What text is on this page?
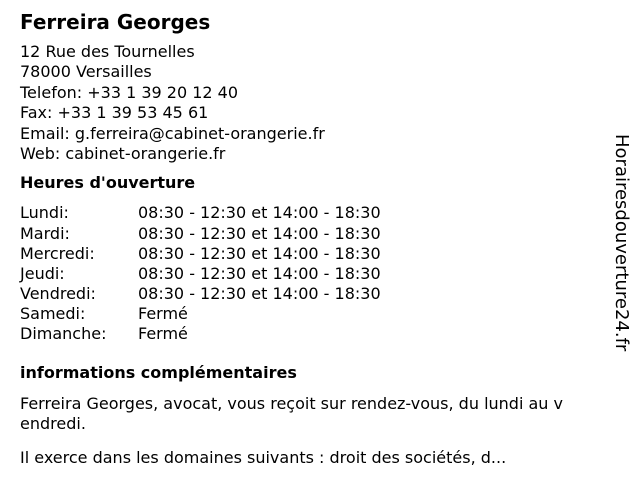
Ferreira Georges
12 Rue des Tournelles
78000 Versailles
Telefon: +33 1 39 20 12 40
Fax: +33 1 39 53 45 61
Email: g.ferreira@cabinet-orangerie.fr
Web: cabinet-orangerie.fr
Heures d'ouverture
Lundi:	08:30 - 12:30 et 14:00 - 18:30
Mardi:	08:30 - 12:30 et 14:00 - 18:30
Mercredi:	08:30 - 12:30 et 14:00 - 18:30
Jeudi:	08:30 - 12:30 et 14:00 - 18:30
Vendredi:	08:30 - 12:30 et 14:00 - 18:30
Samedi:	Fermé
Dimanche:	Fermé
informations complémentaires

Ferreira Georges, avocat, vous reçoit sur rendez-vous, du lundi au v endredi.

Il exerce dans les domaines suivants : droit des sociétés, d...

Horairesdouverture24.fr
